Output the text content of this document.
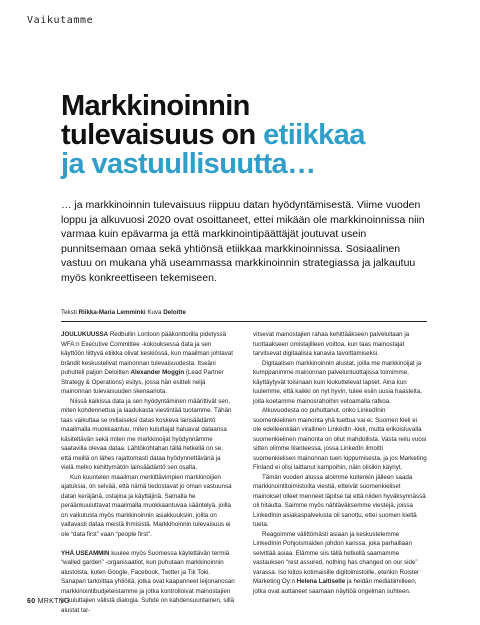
Vaikutamme
Markkinoinnin
tulevaisuus on etiikkaa
ja vastuullisuutta…

… ja markkinoinnin tulevaisuus riippuu datan hyödyntämisestä. Viime vuoden loppu ja alkuvuosi 2020 ovat osoittaneet, ettei mikään ole markkinoinnissa niin varmaa kuin epävarma ja että markkinointipäättäjät joutuvat usein punnitsemaan omaa sekä yhtiönsä etiikkaa markkinoinnissa. Sosiaalinen vastuu on mukana yhä useammassa markkinoinnin strategiassa ja jalkautuu myös konkreettiseen tekemiseen.

Teksti Riikka-Maria Lemminki Kuva Deloitte

JOULUKUUSSA Redbullin Lontoon pääkonttorilla pidetyssä WFA:n Executive Committee -kokouksessa data ja sen käyttöön liittyvä etiikka olivat keskiössä, kun maailman johtavat brändit keskustelivat mainonnan tulevaisuudesta. Itseäni puhutteli paljon Deloitten Alexander Moggin (Lead Partner Strategy & Operations) esitys, jossa hän esitteli neljä mainonnan tulevaisuuden skenaariota.

Niissä kaikissa data ja sen hyödyntäminen määrittivät sen, miten kohdennettua ja laadukasta viestintää tuotamme. Tähän taas vaikuttaa se millaiseksi datas koskeva lainsäädäntö maailmalla muokkaantuu, miten kuluttajat haluavat dataansa käsiteltävän sekä miten me markkinoijat hyödynnämme saatavilla olevaa dataa. Lähtökohtahan tällä hetkellä on se, että meillä on lähes rajattomasti dataa hyödynnettävänä ja vielä melko kehittymätön lainsäädäntö sen osalta.

Kun kuuntelen maailman merkittävimpien markkinoijien ajatuksia, on selvää, että nämä tiedostavat jo oman vastuunsa datan keräjänä, ostajina ja käyttäjinä. Samalla he peräänkuuluttavat maailmalla muokkaantuvaa sääntelyä, joilla on vaikutusta myös markkinoinnin asiakkuuksiin, joilla on valtavasti dataa meistä ihmisistä. Markkinoinnin tulevaisuus ei ole “data first” vaan “people first”.

YHÄ USEAMMIN kuulee myös Suomessa käytettävän termiä “walled garden” -organisaatiot, kun puhutaan markkinoinnin alustoista, kuten Google, Facebook, Twitter ja Tik Toki. Sanapari tarkoittaa yhtiöitä, jotka ovat kaapanneet leijonanosan markkinointibudjeteistamme ja jotka kontrolloivat mainostajien ja kuluttajien välistä dialogia. Suhde on kahdensuuntainen, sillä alustat tar-

vitsevat mainostajien rahaa kehittääkseen palveluitaan ja tuottaakseen omistajilleen voittoa, kun taas mainostajat tarvitsevat digitaalisia kanavia tavoittamiseksi.

Digitaalisen markkinoinnin alustat, joilla me markkinoijat ja kumppanimme mainonnan palveluntuottajissa toimimme, käyttäytyvät toisinaan kuin kiukuttelevat lapset. Aina kun luulemme, että kaikki on nyt hyvin, tulee esiin uusia haasteita, joita koetamme mainosrahoihin vetoamalla ratkoa.

Alkuvuodesta oo puhuttanut, onko LinkedInin suomenkielinen mainonta yhä tuettua vai ei. Suomen kieli ei ole edelleenkään virallinen LinkedIn -kieli, mutta erikoisluvalla suomenkielinen mainonta on ollut mahdollista. Vasta reilu vuosi sitten olimme tilanteessa, jossa LinkedIn ilmoitti suomenkielisen mainonnan tuen loppumisesta, ja jos Marketing Finland ei olisi laittanut kampoihin, näin olisikin käynyt.

Tämän vuoden alussa aloimme kuitenkin jälleen saada markkinointitoimistoilta viestiä, etteivät suomenkieliset mainokset olleet menneet läpitse tai että niiden hyväksynnässä oli hitautta. Saimme myös nähtäväksemme viestejä, joissa LinkedInin asiakaspalvelusta oli sanottu, ettei suomen kieltä tueta.

Reagoimme välittömästi asiaan ja keskustelemme LinkedInin Pohjoismaiden johdon kanssa, joka parhaillaan selvittää asiaa. Elämme siis tällä hetkellä saamamme vastauksen “rest assured, nothing has changed on our side” varassa. Iso kiitos kotimaisille digitoimistoille, etenkin Roister Marketing Oy:n Helena Laitiselle ja heidän mediatiimilleen, jotka ovat auttaneet saamaan näyttöä ongelman suhteen.

60 MRKTNG
